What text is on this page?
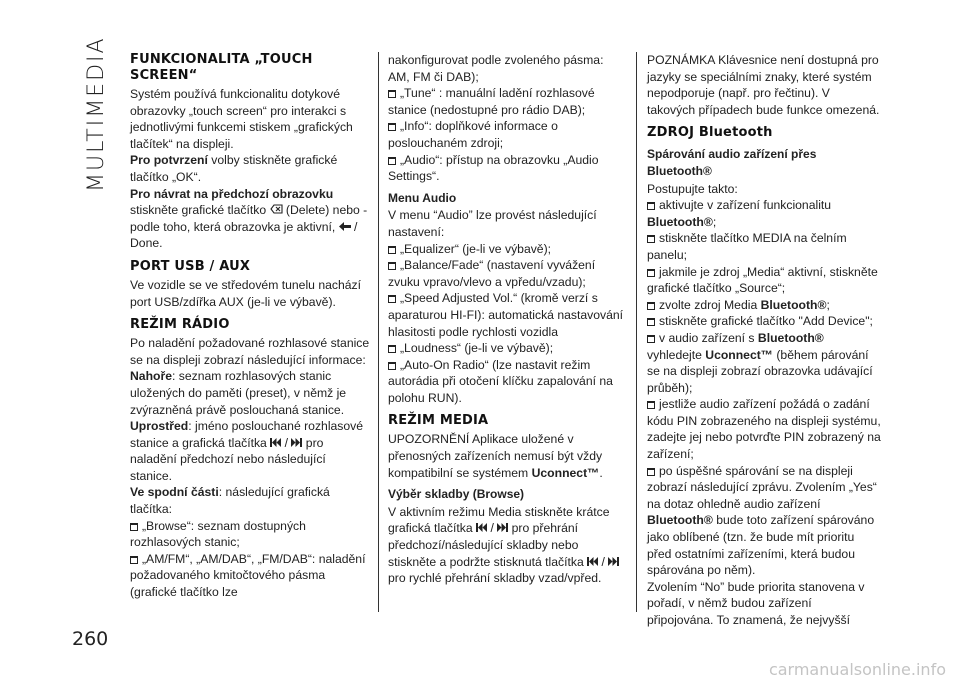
MULTIMEDIA FUNKCIONALITA „TOUCH SCREEN“

Systém používá funkcionalitu dotykové obrazovky „touch screen“ pro interakci s jednotlivými funkcemi stiskem „grafických tlačítek“ na displeji.

Pro potvrzení volby stiskněte grafické tlačítko „OK“.

Pro návrat na předchozí obrazovku

stiskněte grafické tlačítko  (Delete) nebo - podle toho, která obrazovka je aktivní,  / Done.

PORT USB / AUX

Ve vozidle se ve středovém tunelu nachází port USB/zdířka AUX (je-li ve výbavě).

REŽIM RÁDIO

Po naladění požadované rozhlasové stanice se na displeji zobrazí následující informace:

Nahoře: seznam rozhlasových stanic uložených do paměti (preset), v němž je zvýrazněná právě poslouchaná stanice.

Uprostřed: jméno poslouchané rozhlasové stanice a grafická tlačítka  /  pro naladění předchozí nebo následující stanice.

Ve spodní části: následující grafická tlačítka:

„Browse“: seznam dostupných rozhlasových stanic;

„AM/FM“, „AM/DAB“, „FM/DAB“: naladění požadovaného kmitočtového pásma (grafické tlačítko lze

nakonfigurovat podle zvoleného pásma: AM, FM či DAB);

„Tune“ : manuální ladění rozhlasové stanice (nedostupné pro rádio DAB);

„Info“: doplňkové informace o poslouchaném zdroji;

„Audio“: přístup na obrazovku „Audio Settings“.

Menu Audio

V menu “Audio” lze provést následující nastavení:

„Equalizer“ (je-li ve výbavě);

„Balance/Fade“ (nastavení vyvážení zvuku vpravo/vlevo a vpředu/vzadu);

„Speed Adjusted Vol.“ (kromě verzí s aparaturou HI-FI): automatická nastavování hlasitosti podle rychlosti vozidla

„Loudness“ (je-li ve výbavě);

„Auto-On Radio“ (lze nastavit režim autorádia při otočení klíčku zapalování na polohu RUN).

REŽIM MEDIA

UPOZORNĚNÍ Aplikace uložené v přenosných zařízeních nemusí být vždy kompatibilní se systémem Uconnect™.

Výběr skladby (Browse)

V aktivním režimu Media stiskněte krátce grafická tlačítka  /  pro přehrání předchozí/následující skladby nebo stiskněte a podržte stisknutá tlačítka  /  pro rychlé přehrání skladby vzad/vpřed.

POZNÁMKA Klávesnice není dostupná pro jazyky se speciálními znaky, které systém nepodporuje (např. pro řečtinu). V takových případech bude funkce omezená.

ZDROJ Bluetooth

Spárování audio zařízení přes Bluetooth®

Postupujte takto:

aktivujte v zařízení funkcionalitu Bluetooth®;

stiskněte tlačítko MEDIA na čelním panelu;

jakmile je zdroj „Media“ aktivní, stiskněte grafické tlačítko „Source“;

zvolte zdroj Media Bluetooth®;

stiskněte grafické tlačítko "Add Device";

v audio zařízení s Bluetooth® vyhledejte Uconnect™ (během párování se na displeji zobrazí obrazovka udávající průběh);

jestliže audio zařízení požádá o zadání kódu PIN zobrazeného na displeji systému, zadejte jej nebo potvrďte PIN zobrazený na zařízení;

po úspěšné spárování se na displeji zobrazí následující zprávu. Zvolením „Yes“ na dotaz ohledně audio zařízení Bluetooth® bude toto zařízení spárováno jako oblíbené (tzn. že bude mít prioritu před ostatními zařízeními, která budou spárována po něm).

Zvolením “No” bude priorita stanovena v pořadí, v němž budou zařízení připojována. To znamená, že nejvyšší

260
carmanualsonline.info
